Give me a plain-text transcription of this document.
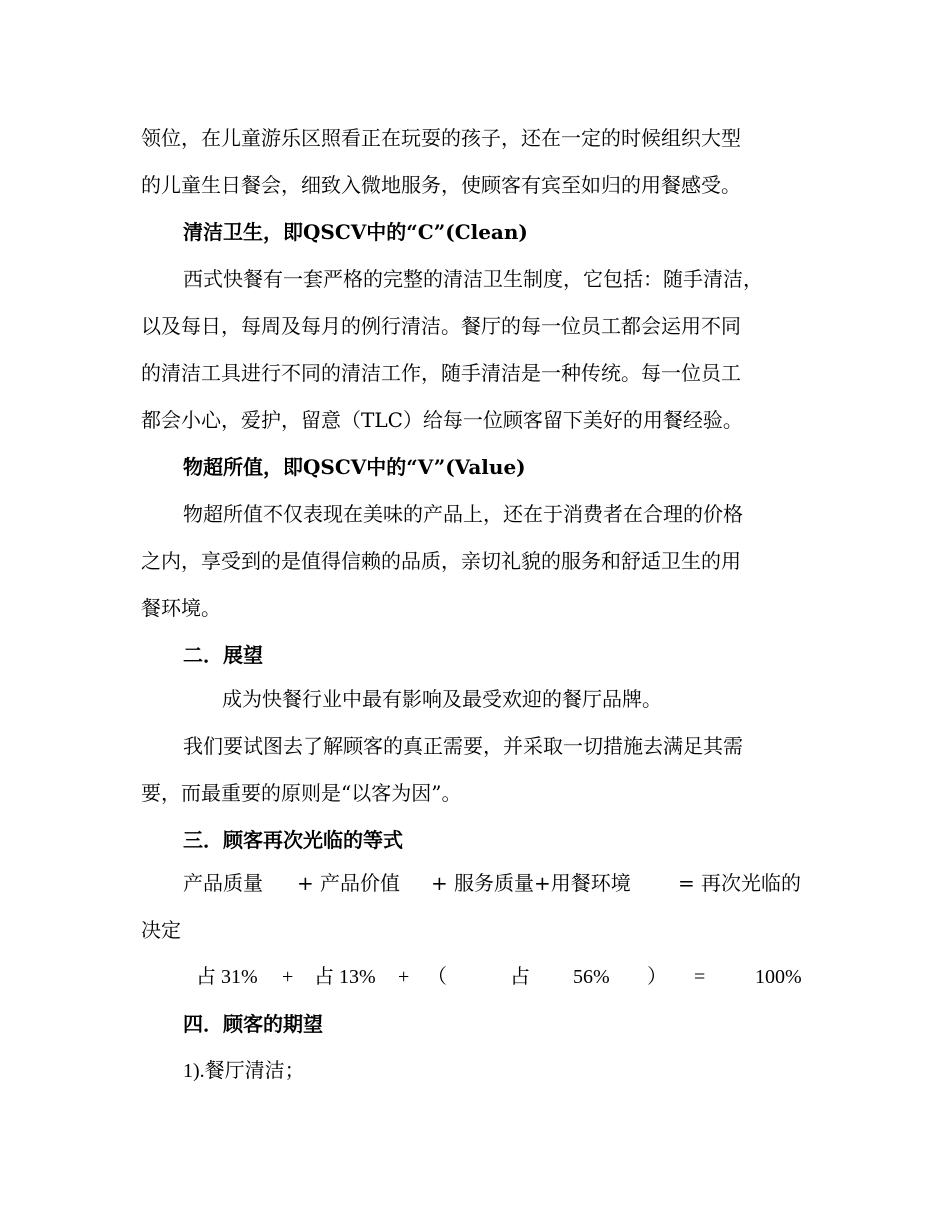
领位，在儿童游乐区照看正在玩耍的孩子，还在一定的时候组织大型
的儿童生日餐会，细致入微地服务，使顾客有宾至如归的用餐感受。
清洁卫生，即QSCV中的“C”(Clean)
西式快餐有一套严格的完整的清洁卫生制度，它包括：随手清洁，
以及每日，每周及每月的例行清洁。餐厅的每一位员工都会运用不同
的清洁工具进行不同的清洁工作，随手清洁是一种传统。每一位员工
都会小心，爱护，留意（TLC）给每一位顾客留下美好的用餐经验。
物超所值，即QSCV中的“V”(Value)
物超所值不仅表现在美味的产品上，还在于消费者在合理的价格
之内，享受到的是值得信赖的品质，亲切礼貌的服务和舒适卫生的用
餐环境。
二．展望
成为快餐行业中最有影响及最受欢迎的餐厅品牌。
我们要试图去了解顾客的真正需要，并采取一切措施去满足其需
要，而最重要的原则是“以客为因”。
三．顾客再次光临的等式
产品质量 + 产品价值 + 服务质量+用餐环境 = 再次光临的
决定
占 31% + 占 13% + （	占 56% ） = 100%
四．顾客的期望
1).餐厅清洁；
